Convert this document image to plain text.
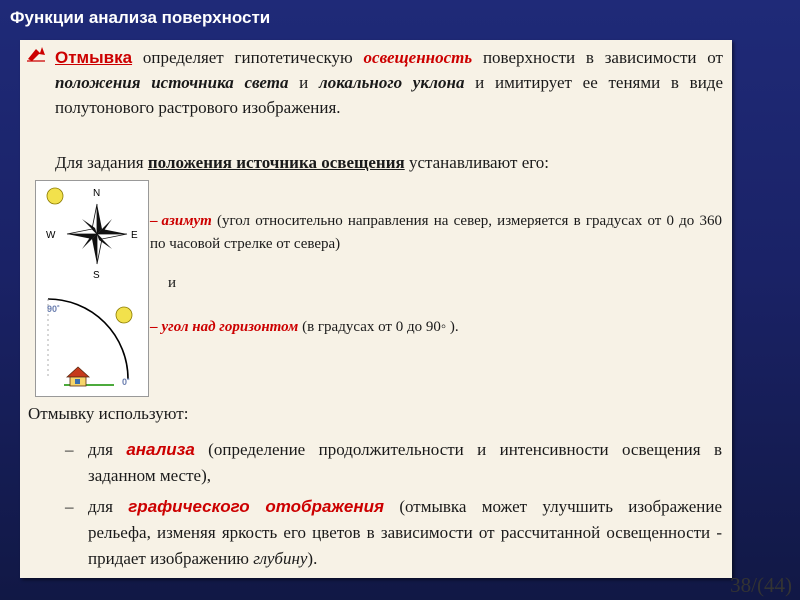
Функции анализа поверхности
Отмывка определяет гипотетическую освещенность поверхности в зависимости от положения источника света и локального уклона и имитирует ее тенями в виде полутонового растрового изображения.
Для задания положения источника освещения устанавливают его:
N
S
W	E
90˚
0˚
– азимут (угол относительно направления на север, измеряется в градусах от 0 до 360 по часовой стрелке от севера)
и
– угол над горизонтом (в градусах от 0 до 90◦ ).
Отмывку используют:
– для анализа (определение продолжительности и интенсивности освещения в заданном месте),
– для графического отображения (отмывка может улучшить изображение рельефа, изменяя яркость его цветов в зависимости от рассчитанной освещенности - придает изображению глубину).
38/(44)
